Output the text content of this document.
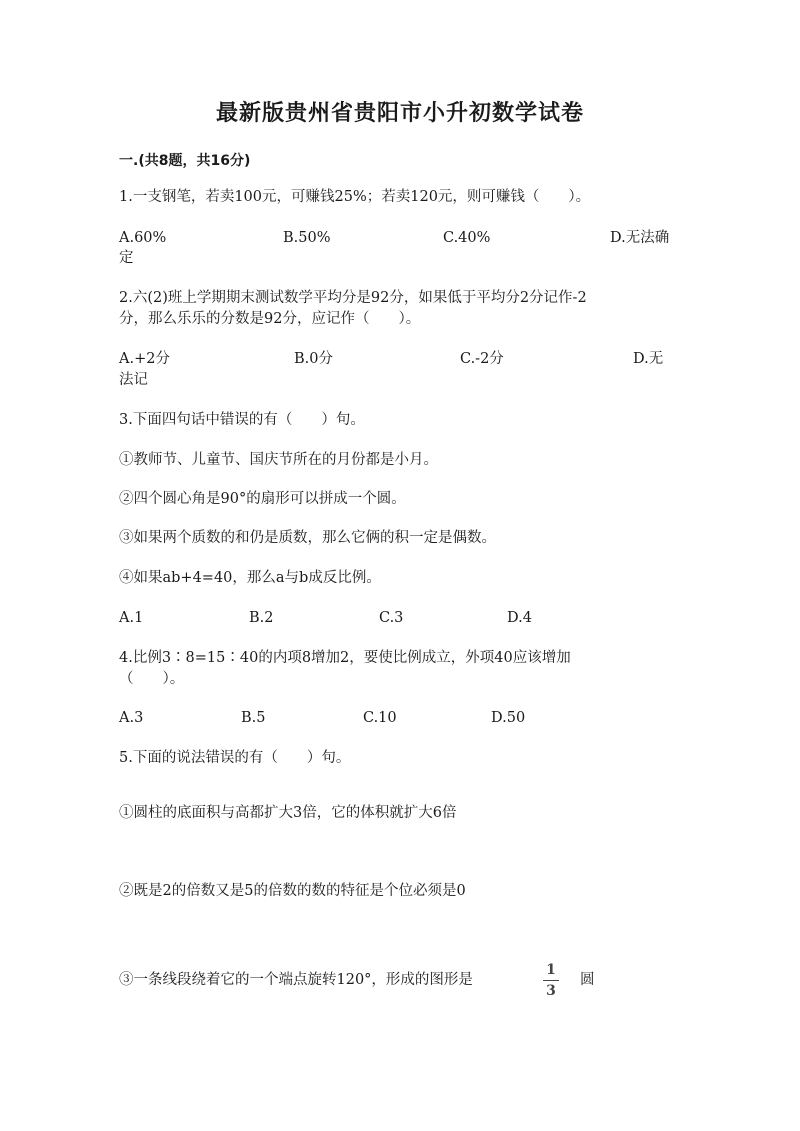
最新版贵州省贵阳市小升初数学试卷
一.(共8题，共16分)
1.一支钢笔，若卖100元，可赚钱25%；若卖120元，则可赚钱（　　）。
A.60%	B.50%	C.40%	D.无法确
定
2.六(2)班上学期期末测试数学平均分是92分，如果低于平均分2分记作-2
分，那么乐乐的分数是92分，应记作（　　）。
A.+2分	B.0分	C.-2分	D.无
法记
3.下面四句话中错误的有（　　）句。
①教师节、儿童节、国庆节所在的月份都是小月。
②四个圆心角是90°的扇形可以拼成一个圆。
③如果两个质数的和仍是质数，那么它俩的积一定是偶数。
④如果ab+4=40，那么a与b成反比例。
A.1	B.2	C.3	D.4
4.比例3∶8=15∶40的内项8增加2，要使比例成立，外项40应该增加
（　　）。
A.3	B.5	C.10	D.50
5.下面的说法错误的有（　　）句。
①圆柱的底面积与高都扩大3倍，它的体积就扩大6倍
②既是2的倍数又是5的倍数的数的特征是个位必须是0
③一条线段绕着它的一个端点旋转120°，形成的图形是
1
3
圆
